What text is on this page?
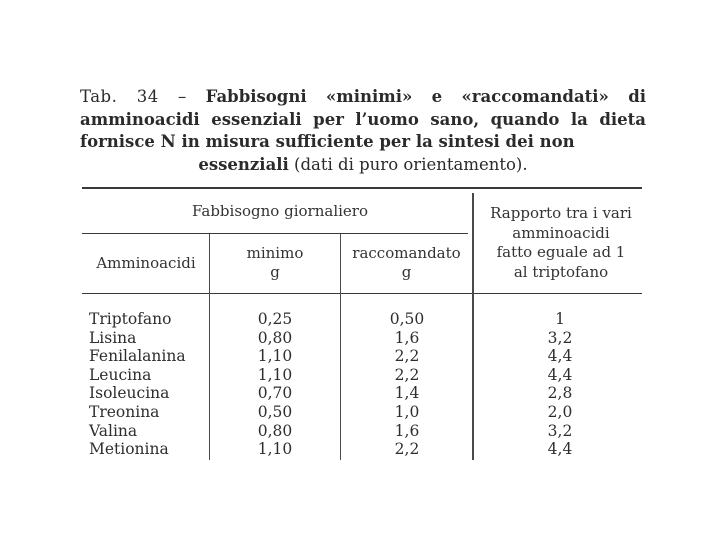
Tab. 34 – Fabbisogni «minimi» e «raccomandati» di amminoacidi essenziali per l’uomo sano, quando la dieta fornisce N in misura sufficiente per la sintesi dei non

essenziali (dati di puro orientamento).

Fabbisogno giornaliero
Amminoacidi
minimo
g
raccomandato
g
Rapporto tra i vari
amminoacidi
fatto eguale ad 1
al triptofano
Triptofano
Lisina
Fenilalanina
Leucina
Isoleucina
Treonina
Valina
Metionina
0,25
0,80
1,10
1,10
0,70
0,50
0,80
1,10
0,50
1,6
2,2
2,2
1,4
1,0
1,6
2,2
1
3,2
4,4
4,4
2,8
2,0
3,2
4,4
